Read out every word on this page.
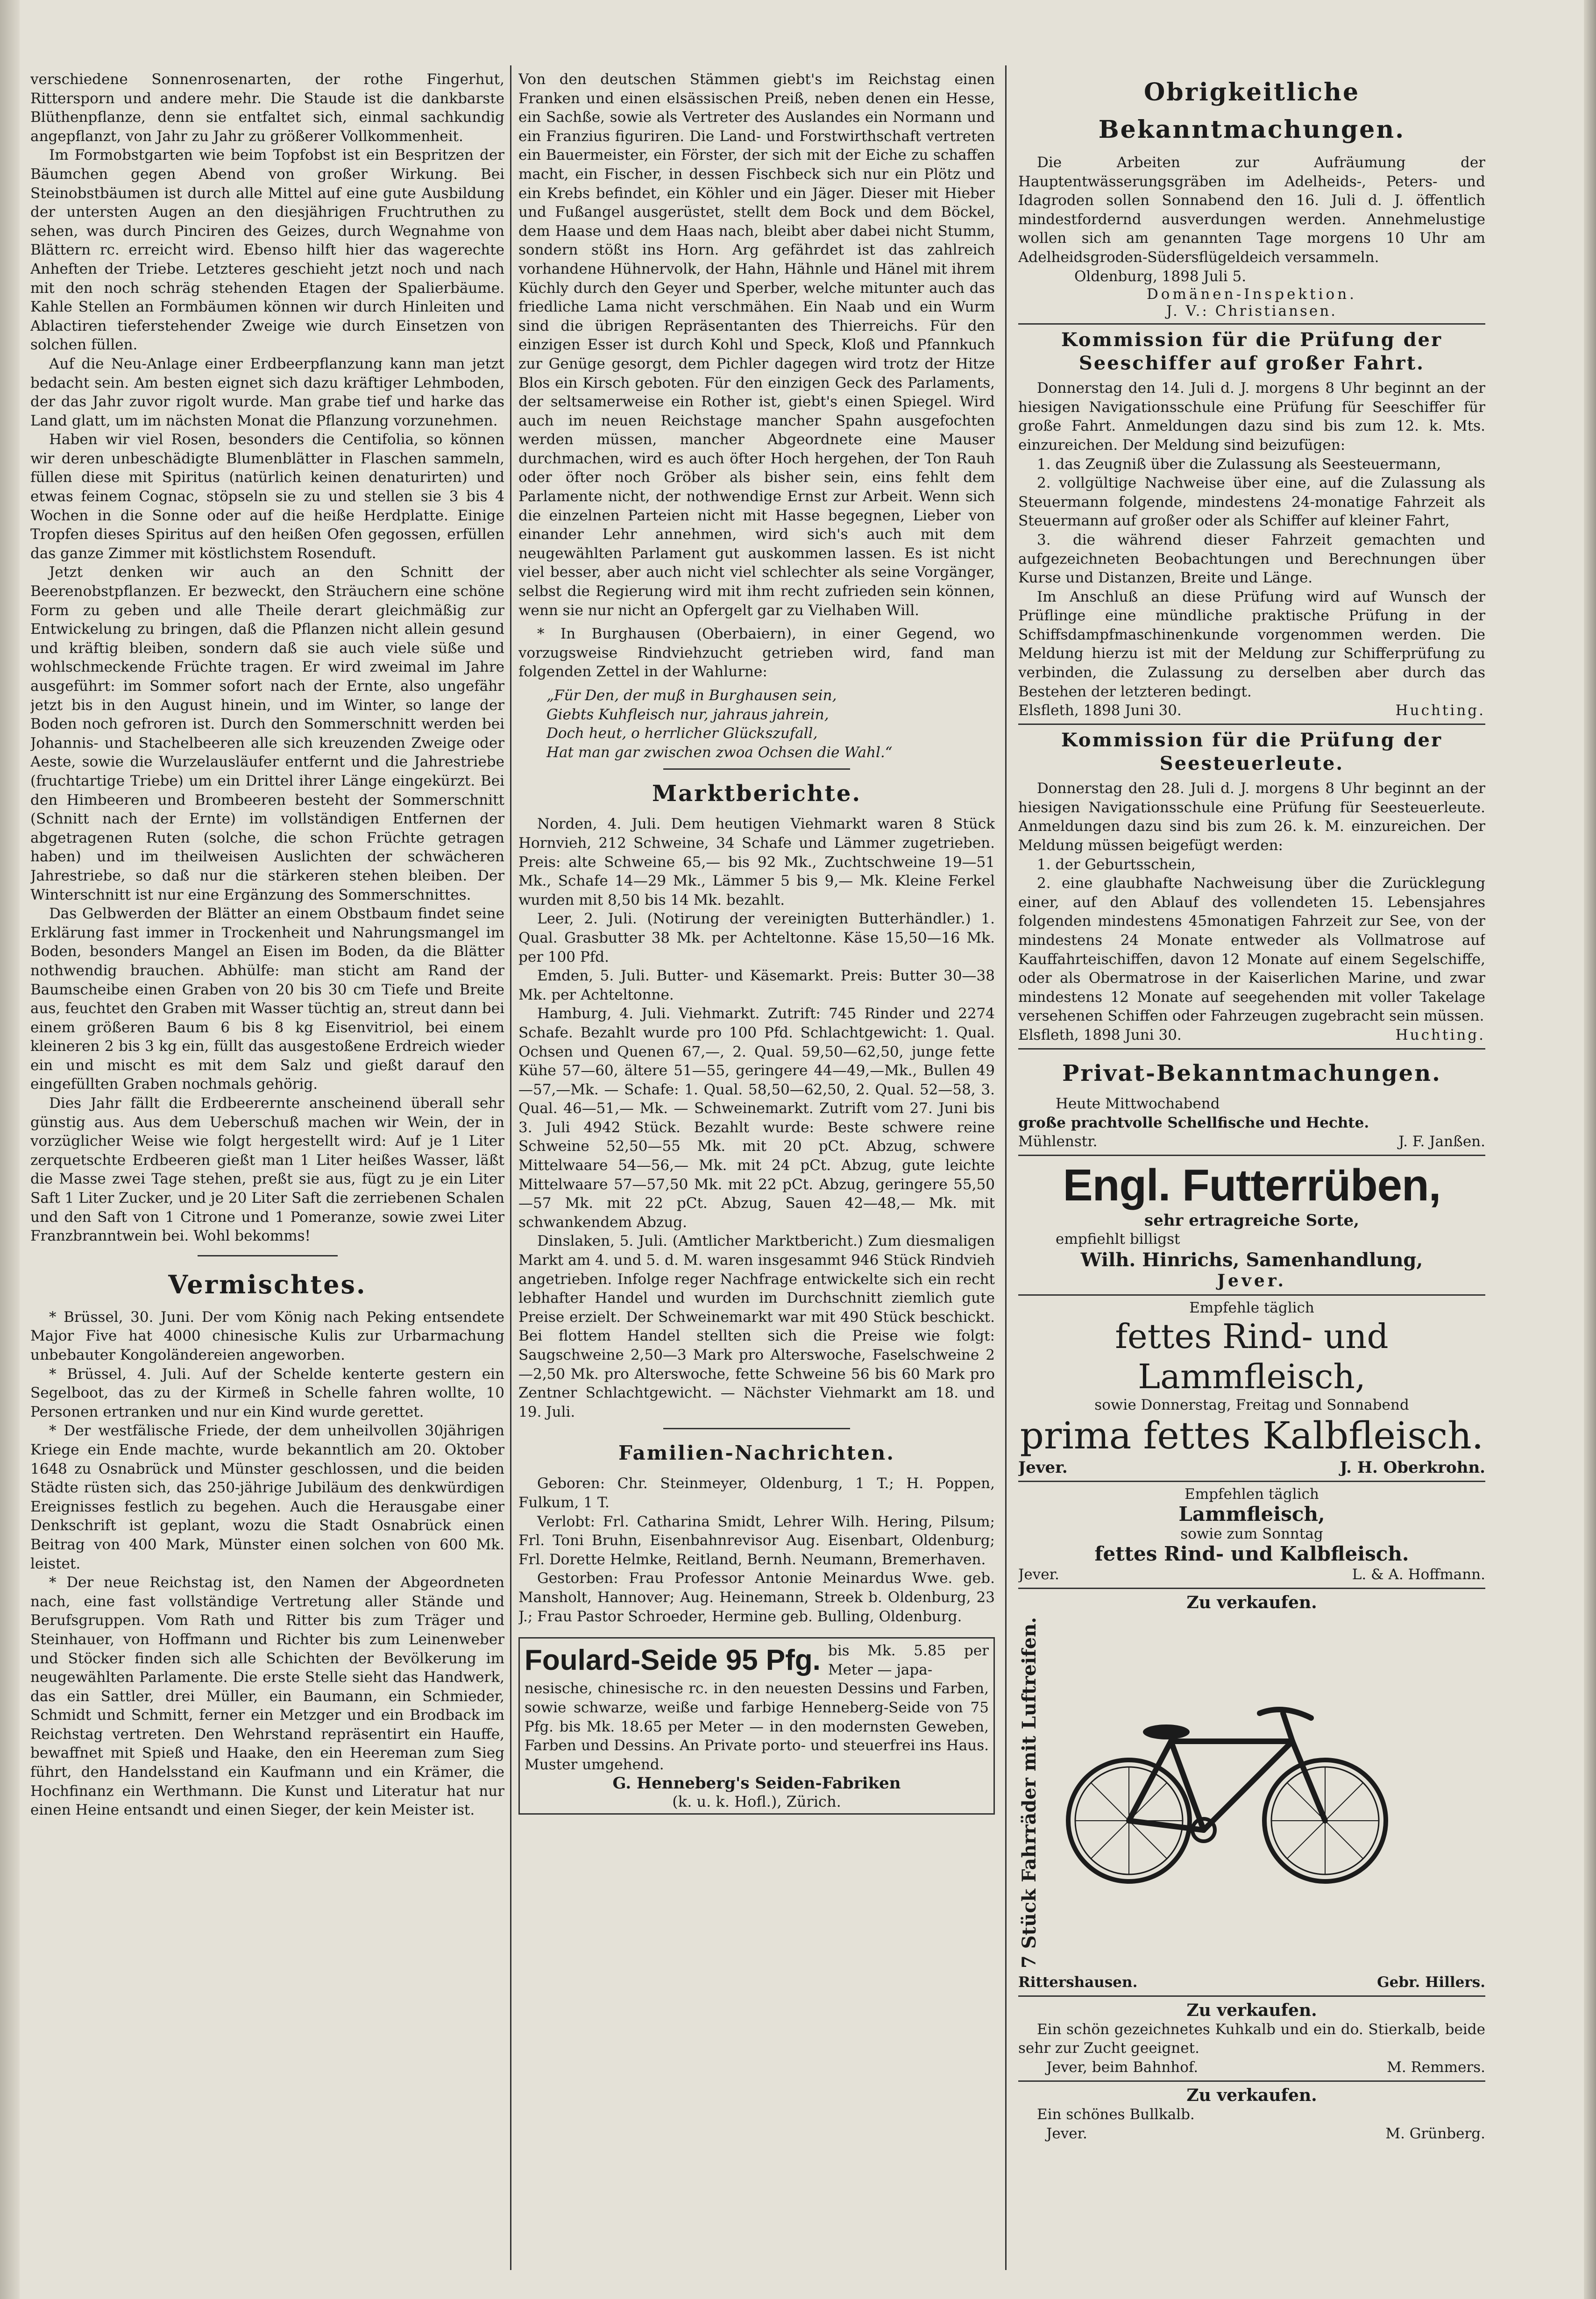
verschiedene Sonnenrosenarten, der rothe Fingerhut, Rittersporn und andere mehr. Die Staude ist die dankbarste Blüthenpflanze, denn sie entfaltet sich, einmal sachkundig angepflanzt, von Jahr zu Jahr zu größerer Vollkommenheit.

Im Formobstgarten wie beim Topfobst ist ein Bespritzen der Bäumchen gegen Abend von großer Wirkung. Bei Steinobstbäumen ist durch alle Mittel auf eine gute Ausbildung der untersten Augen an den diesjährigen Fruchtruthen zu sehen, was durch Pinciren des Geizes, durch Wegnahme von Blättern rc. erreicht wird. Ebenso hilft hier das wagerechte Anheften der Triebe. Letzteres geschieht jetzt noch und nach mit den noch schräg stehenden Etagen der Spalierbäume. Kahle Stellen an Formbäumen können wir durch Hinleiten und Ablactiren tieferstehender Zweige wie durch Einsetzen von solchen füllen.

Auf die Neu-Anlage einer Erdbeerpflanzung kann man jetzt bedacht sein. Am besten eignet sich dazu kräftiger Lehmboden, der das Jahr zuvor rigolt wurde. Man grabe tief und harke das Land glatt, um im nächsten Monat die Pflanzung vorzunehmen.

Haben wir viel Rosen, besonders die Centifolia, so können wir deren unbeschädigte Blumenblätter in Flaschen sammeln, füllen diese mit Spiritus (natürlich keinen denaturirten) und etwas feinem Cognac, stöpseln sie zu und stellen sie 3 bis 4 Wochen in die Sonne oder auf die heiße Herdplatte. Einige Tropfen dieses Spiritus auf den heißen Ofen gegossen, erfüllen das ganze Zimmer mit köstlichstem Rosenduft.

Jetzt denken wir auch an den Schnitt der Beerenobstpflanzen. Er bezweckt, den Sträuchern eine schöne Form zu geben und alle Theile derart gleichmäßig zur Entwickelung zu bringen, daß die Pflanzen nicht allein gesund und kräftig bleiben, sondern daß sie auch viele süße und wohlschmeckende Früchte tragen. Er wird zweimal im Jahre ausgeführt: im Sommer sofort nach der Ernte, also ungefähr jetzt bis in den August hinein, und im Winter, so lange der Boden noch gefroren ist. Durch den Sommerschnitt werden bei Johannis- und Stachelbeeren alle sich kreuzenden Zweige oder Aeste, sowie die Wurzelausläufer entfernt und die Jahrestriebe (fruchtartige Triebe) um ein Drittel ihrer Länge eingekürzt. Bei den Himbeeren und Brombeeren besteht der Sommerschnitt (Schnitt nach der Ernte) im vollständigen Entfernen der abgetragenen Ruten (solche, die schon Früchte getragen haben) und im theilweisen Auslichten der schwächeren Jahrestriebe, so daß nur die stärkeren stehen bleiben. Der Winterschnitt ist nur eine Ergänzung des Sommerschnittes.

Das Gelbwerden der Blätter an einem Obstbaum findet seine Erklärung fast immer in Trockenheit und Nahrungsmangel im Boden, besonders Mangel an Eisen im Boden, da die Blätter nothwendig brauchen. Abhülfe: man sticht am Rand der Baumscheibe einen Graben von 20 bis 30 cm Tiefe und Breite aus, feuchtet den Graben mit Wasser tüchtig an, streut dann bei einem größeren Baum 6 bis 8 kg Eisenvitriol, bei einem kleineren 2 bis 3 kg ein, füllt das ausgestoßene Erdreich wieder ein und mischt es mit dem Salz und gießt darauf den eingefüllten Graben nochmals gehörig.

Dies Jahr fällt die Erdbeerernte anscheinend überall sehr günstig aus. Aus dem Ueberschuß machen wir Wein, der in vorzüglicher Weise wie folgt hergestellt wird: Auf je 1 Liter zerquetschte Erdbeeren gießt man 1 Liter heißes Wasser, läßt die Masse zwei Tage stehen, preßt sie aus, fügt zu je ein Liter Saft 1 Liter Zucker, und je 20 Liter Saft die zerriebenen Schalen und den Saft von 1 Citrone und 1 Pomeranze, sowie zwei Liter Franzbranntwein bei. Wohl bekomms!

Vermischtes.

* Brüssel, 30. Juni. Der vom König nach Peking entsendete Major Five hat 4000 chinesische Kulis zur Urbarmachung unbebauter Kongoländereien angeworben.

* Brüssel, 4. Juli. Auf der Schelde kenterte gestern ein Segelboot, das zu der Kirmeß in Schelle fahren wollte, 10 Personen ertranken und nur ein Kind wurde gerettet.

* Der westfälische Friede, der dem unheilvollen 30jährigen Kriege ein Ende machte, wurde bekanntlich am 20. Oktober 1648 zu Osnabrück und Münster geschlossen, und die beiden Städte rüsten sich, das 250-jährige Jubiläum des denkwürdigen Ereignisses festlich zu begehen. Auch die Herausgabe einer Denkschrift ist geplant, wozu die Stadt Osnabrück einen Beitrag von 400 Mark, Münster einen solchen von 600 Mk. leistet.

* Der neue Reichstag ist, den Namen der Abgeordneten nach, eine fast vollständige Vertretung aller Stände und Berufsgruppen. Vom Rath und Ritter bis zum Träger und Steinhauer, von Hoffmann und Richter bis zum Leinenweber und Stöcker finden sich alle Schichten der Bevölkerung im neugewählten Parlamente. Die erste Stelle sieht das Handwerk, das ein Sattler, drei Müller, ein Baumann, ein Schmieder, Schmidt und Schmitt, ferner ein Metzger und ein Brodback im Reichstag vertreten. Den Wehrstand repräsentirt ein Hauffe, bewaffnet mit Spieß und Haake, den ein Heereman zum Sieg führt, den Handelsstand ein Kaufmann und ein Krämer, die Hochfinanz ein Werthmann. Die Kunst und Literatur hat nur einen Heine entsandt und einen Sieger, der kein Meister ist.

Von den deutschen Stämmen giebt's im Reichstag einen Franken und einen elsässischen Preiß, neben denen ein Hesse, ein Sachße, sowie als Vertreter des Auslandes ein Normann und ein Franzius figuriren. Die Land- und Forstwirthschaft vertreten ein Bauermeister, ein Förster, der sich mit der Eiche zu schaffen macht, ein Fischer, in dessen Fischbeck sich nur ein Plötz und ein Krebs befindet, ein Köhler und ein Jäger. Dieser mit Hieber und Fußangel ausgerüstet, stellt dem Bock und dem Böckel, dem Haase und dem Haas nach, bleibt aber dabei nicht Stumm, sondern stößt ins Horn. Arg gefährdet ist das zahlreich vorhandene Hühnervolk, der Hahn, Hähnle und Hänel mit ihrem Küchly durch den Geyer und Sperber, welche mitunter auch das friedliche Lama nicht verschmähen. Ein Naab und ein Wurm sind die übrigen Repräsentanten des Thierreichs. Für den einzigen Esser ist durch Kohl und Speck, Kloß und Pfannkuch zur Genüge gesorgt, dem Pichler dagegen wird trotz der Hitze Blos ein Kirsch geboten. Für den einzigen Geck des Parlaments, der seltsamerweise ein Rother ist, giebt's einen Spiegel. Wird auch im neuen Reichstage mancher Spahn ausgefochten werden müssen, mancher Abgeordnete eine Mauser durchmachen, wird es auch öfter Hoch hergehen, der Ton Rauh oder öfter noch Gröber als bisher sein, eins fehlt dem Parlamente nicht, der nothwendige Ernst zur Arbeit. Wenn sich die einzelnen Parteien nicht mit Hasse begegnen, Lieber von einander Lehr annehmen, wird sich's auch mit dem neugewählten Parlament gut auskommen lassen. Es ist nicht viel besser, aber auch nicht viel schlechter als seine Vorgänger, selbst die Regierung wird mit ihm recht zufrieden sein können, wenn sie nur nicht an Opfergelt gar zu Vielhaben Will.

* In Burghausen (Oberbaiern), in einer Gegend, wo vorzugsweise Rindviehzucht getrieben wird, fand man folgenden Zettel in der Wahlurne:

„Für Den, der muß in Burghausen sein,

Giebts Kuhfleisch nur, jahraus jahrein,

Doch heut, o herrlicher Glückszufall,

Hat man gar zwischen zwoa Ochsen die Wahl.“

Marktberichte.

Norden, 4. Juli. Dem heutigen Viehmarkt waren 8 Stück Hornvieh, 212 Schweine, 34 Schafe und Lämmer zugetrieben. Preis: alte Schweine 65,— bis 92 Mk., Zuchtschweine 19—51 Mk., Schafe 14—29 Mk., Lämmer 5 bis 9,— Mk. Kleine Ferkel wurden mit 8,50 bis 14 Mk. bezahlt.

Leer, 2. Juli. (Notirung der vereinigten Butterhändler.) 1. Qual. Grasbutter 38 Mk. per Achteltonne. Käse 15,50—16 Mk. per 100 Pfd.

Emden, 5. Juli. Butter- und Käsemarkt. Preis: Butter 30—38 Mk. per Achteltonne.

Hamburg, 4. Juli. Viehmarkt. Zutrift: 745 Rinder und 2274 Schafe. Bezahlt wurde pro 100 Pfd. Schlachtgewicht: 1. Qual. Ochsen und Quenen 67,—, 2. Qual. 59,50—62,50, junge fette Kühe 57—60, ältere 51—55, geringere 44—49,—Mk., Bullen 49—57,—Mk. — Schafe: 1. Qual. 58,50—62,50, 2. Qual. 52—58, 3. Qual. 46—51,— Mk. — Schweinemarkt. Zutrift vom 27. Juni bis 3. Juli 4942 Stück. Bezahlt wurde: Beste schwere reine Schweine 52,50—55 Mk. mit 20 pCt. Abzug, schwere Mittelwaare 54—56,— Mk. mit 24 pCt. Abzug, gute leichte Mittelwaare 57—57,50 Mk. mit 22 pCt. Abzug, geringere 55,50—57 Mk. mit 22 pCt. Abzug, Sauen 42—48,— Mk. mit schwankendem Abzug.

Dinslaken, 5. Juli. (Amtlicher Marktbericht.) Zum diesmaligen Markt am 4. und 5. d. M. waren insgesammt 946 Stück Rindvieh angetrieben. Infolge reger Nachfrage entwickelte sich ein recht lebhafter Handel und wurden im Durchschnitt ziemlich gute Preise erzielt. Der Schweinemarkt war mit 490 Stück beschickt. Bei flottem Handel stellten sich die Preise wie folgt: Saugschweine 2,50—3 Mark pro Alterswoche, Faselschweine 2—2,50 Mk. pro Alterswoche, fette Schweine 56 bis 60 Mark pro Zentner Schlachtgewicht. — Nächster Viehmarkt am 18. und 19. Juli.

Familien-Nachrichten.

Geboren: Chr. Steinmeyer, Oldenburg, 1 T.; H. Poppen, Fulkum, 1 T.

Verlobt: Frl. Catharina Smidt, Lehrer Wilh. Hering, Pilsum; Frl. Toni Bruhn, Eisenbahnrevisor Aug. Eisenbart, Oldenburg; Frl. Dorette Helmke, Reitland, Bernh. Neumann, Bremerhaven.

Gestorben: Frau Professor Antonie Meinardus Wwe. geb. Mansholt, Hannover; Aug. Heinemann, Streek b. Oldenburg, 23 J.; Frau Pastor Schroeder, Hermine geb. Bulling, Oldenburg.

Foulard-Seide 95 Pfg. bis Mk. 5.85 per Meter — japa-

nesische, chinesische rc. in den neuesten Dessins und Farben, sowie schwarze, weiße und farbige Henneberg-Seide von 75 Pfg. bis Mk. 18.65 per Meter — in den modernsten Geweben, Farben und Dessins. An Private porto- und steuerfrei ins Haus. Muster umgehend.

G. Henneberg's Seiden-Fabriken
(k. u. k. Hofl.), Zürich.
Obrigkeitliche Bekanntmachungen.

Die Arbeiten zur Aufräumung der Hauptentwässerungsgräben im Adelheids-, Peters- und Idagroden sollen Sonnabend den 16. Juli d. J. öffentlich mindestfordernd ausverdungen werden. Annehmelustige wollen sich am genannten Tage morgens 10 Uhr am Adelheidsgroden-Südersflügeldeich versammeln.

Oldenburg, 1898 Juli 5.
Domänen-Inspektion.
J. V.: Christiansen.
Kommission für die Prüfung der Seeschiffer auf großer Fahrt.

Donnerstag den 14. Juli d. J. morgens 8 Uhr beginnt an der hiesigen Navigationsschule eine Prüfung für Seeschiffer für große Fahrt. Anmeldungen dazu sind bis zum 12. k. Mts. einzureichen. Der Meldung sind beizufügen:

1. das Zeugniß über die Zulassung als Seesteuermann,

2. vollgültige Nachweise über eine, auf die Zulassung als Steuermann folgende, mindestens 24-monatige Fahrzeit als Steuermann auf großer oder als Schiffer auf kleiner Fahrt,

3. die während dieser Fahrzeit gemachten und aufgezeichneten Beobachtungen und Berechnungen über Kurse und Distanzen, Breite und Länge.

Im Anschluß an diese Prüfung wird auf Wunsch der Prüflinge eine mündliche praktische Prüfung in der Schiffsdampfmaschinenkunde vorgenommen werden. Die Meldung hierzu ist mit der Meldung zur Schifferprüfung zu verbinden, die Zulassung zu derselben aber durch das Bestehen der letzteren bedingt.

Elsfleth, 1898 Juni 30.	Huchting.
Kommission für die Prüfung der Seesteuerleute.

Donnerstag den 28. Juli d. J. morgens 8 Uhr beginnt an der hiesigen Navigationsschule eine Prüfung für Seesteuerleute. Anmeldungen dazu sind bis zum 26. k. M. einzureichen. Der Meldung müssen beigefügt werden:

1. der Geburtsschein,

2. eine glaubhafte Nachweisung über die Zurücklegung einer, auf den Ablauf des vollendeten 15. Lebensjahres folgenden mindestens 45monatigen Fahrzeit zur See, von der mindestens 24 Monate entweder als Vollmatrose auf Kauffahrteischiffen, davon 12 Monate auf einem Segelschiffe, oder als Obermatrose in der Kaiserlichen Marine, und zwar mindestens 12 Monate auf seegehenden mit voller Takelage versehenen Schiffen oder Fahrzeugen zugebracht sein müssen.

Elsfleth, 1898 Juni 30.	Huchting.
Privat-Bekanntmachungen.
Heute Mittwochabend
große prachtvolle Schellfische und Hechte.
Mühlenstr.	J. F. Janßen.
Engl. Futterrüben,
sehr ertragreiche Sorte,
empfiehlt billigst
Wilh. Hinrichs, Samenhandlung,
Jever.
Empfehle täglich
fettes Rind- und Lammfleisch,
sowie Donnerstag, Freitag und Sonnabend
prima fettes Kalbfleisch.
Jever.	J. H. Oberkrohn.
Empfehlen täglich
Lammfleisch,
sowie zum Sonntag
fettes Rind- und Kalbfleisch.
Jever.	L. & A. Hoffmann.
Zu verkaufen.
7 Stück Fahrräder mit Luftreifen.
Rittershausen.	Gebr. Hillers.
Zu verkaufen.

Ein schön gezeichnetes Kuhkalb und ein do. Stierkalb, beide sehr zur Zucht geeignet.

Jever, beim Bahnhof.	M. Remmers.
Zu verkaufen.

Ein schönes Bullkalb.

Jever.	M. Grünberg.
